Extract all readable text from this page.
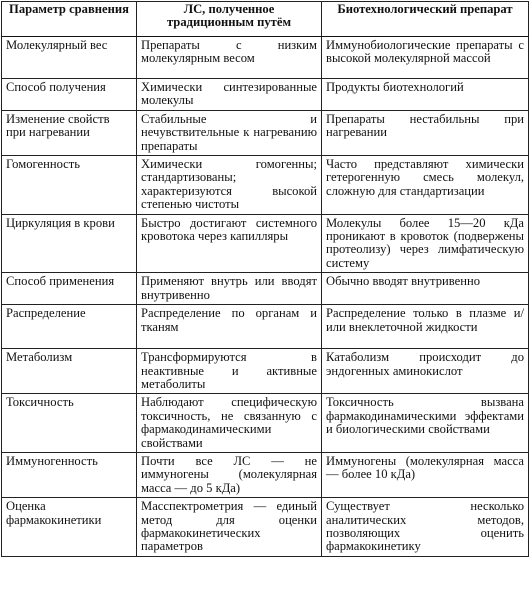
Параметр сравнения	ЛС, полученное традиционным путём	Биотехнологический препарат
Молекулярный вес	Препараты с низким молекулярным весом	Иммунобиологические препараты с высокой молекулярной массой
Способ получения	Химически синтезированные молекулы	Продукты биотехнологий
Изменение свойств при нагревании	Стабильные и нечувствительные к нагреванию препараты	Препараты нестабильны при нагревании
Гомогенность	Химически гомогенны; стандартизованы; характеризуются высокой степенью чистоты	Часто представляют химически гетерогенную смесь молекул, сложную для стандартизации
Циркуляция в крови	Быстро достигают системного кровотока через капилляры	Молекулы более 15—20 кДа проникают в кровоток (подвержены протеолизу) через лимфатическую систему
Способ применения	Применяют внутрь или вводят внутривенно	Обычно вводят внутривенно
Распределение	Распределение по органам и тканям	Распределение только в плазме и/или внеклеточной жидкости
Метаболизм	Трансформируются в неактивные и активные метаболиты	Катаболизм происходит до эндогенных аминокислот
Токсичность	Наблюдают специфическую токсичность, не связанную с фармакодинамическими свойствами	Токсичность вызвана фармакодинамическими эффектами и биологическими свойствами
Иммуногенность	Почти все ЛС — не иммуногены (молекулярная масса — до 5 кДа)	Иммуногены (молекулярная масса — более 10 кДа)
Оценка фармакокинетики	Масспектрометрия — единый метод для оценки фармакокинетических параметров	Существует несколько аналитических методов, позволяющих оценить фармакокинетику
